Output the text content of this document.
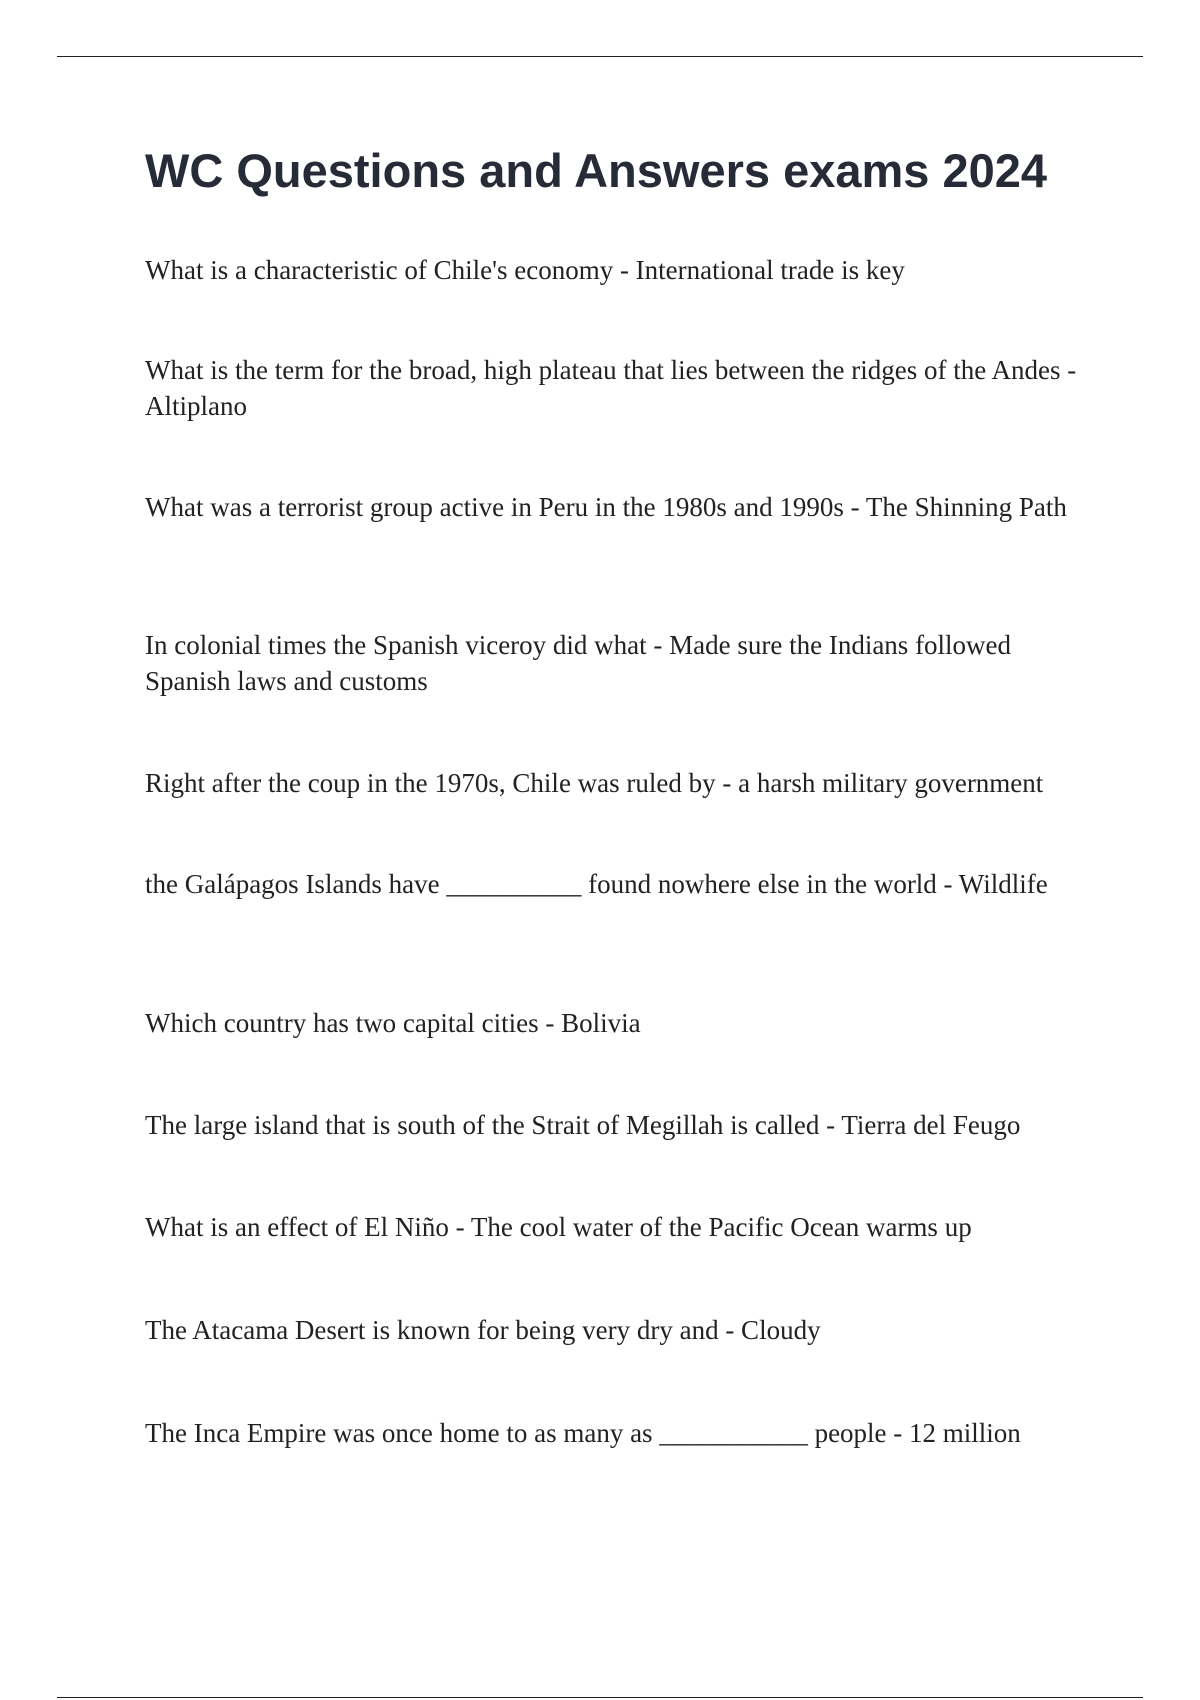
WC Questions and Answers exams 2024

What is a characteristic of Chile's economy - International trade is key

What is the term for the broad, high plateau that lies between the ridges of the Andes - Altiplano

What was a terrorist group active in Peru in the 1980s and 1990s - The Shinning Path

In colonial times the Spanish viceroy did what - Made sure the Indians followed Spanish laws and customs

Right after the coup in the 1970s, Chile was ruled by - a harsh military government

the Galápagos Islands have __________ found nowhere else in the world - Wildlife

Which country has two capital cities - Bolivia

The large island that is south of the Strait of Megillah is called - Tierra del Feugo

What is an effect of El Niño - The cool water of the Pacific Ocean warms up

The Atacama Desert is known for being very dry and - Cloudy

The Inca Empire was once home to as many as ___________ people - 12 million
